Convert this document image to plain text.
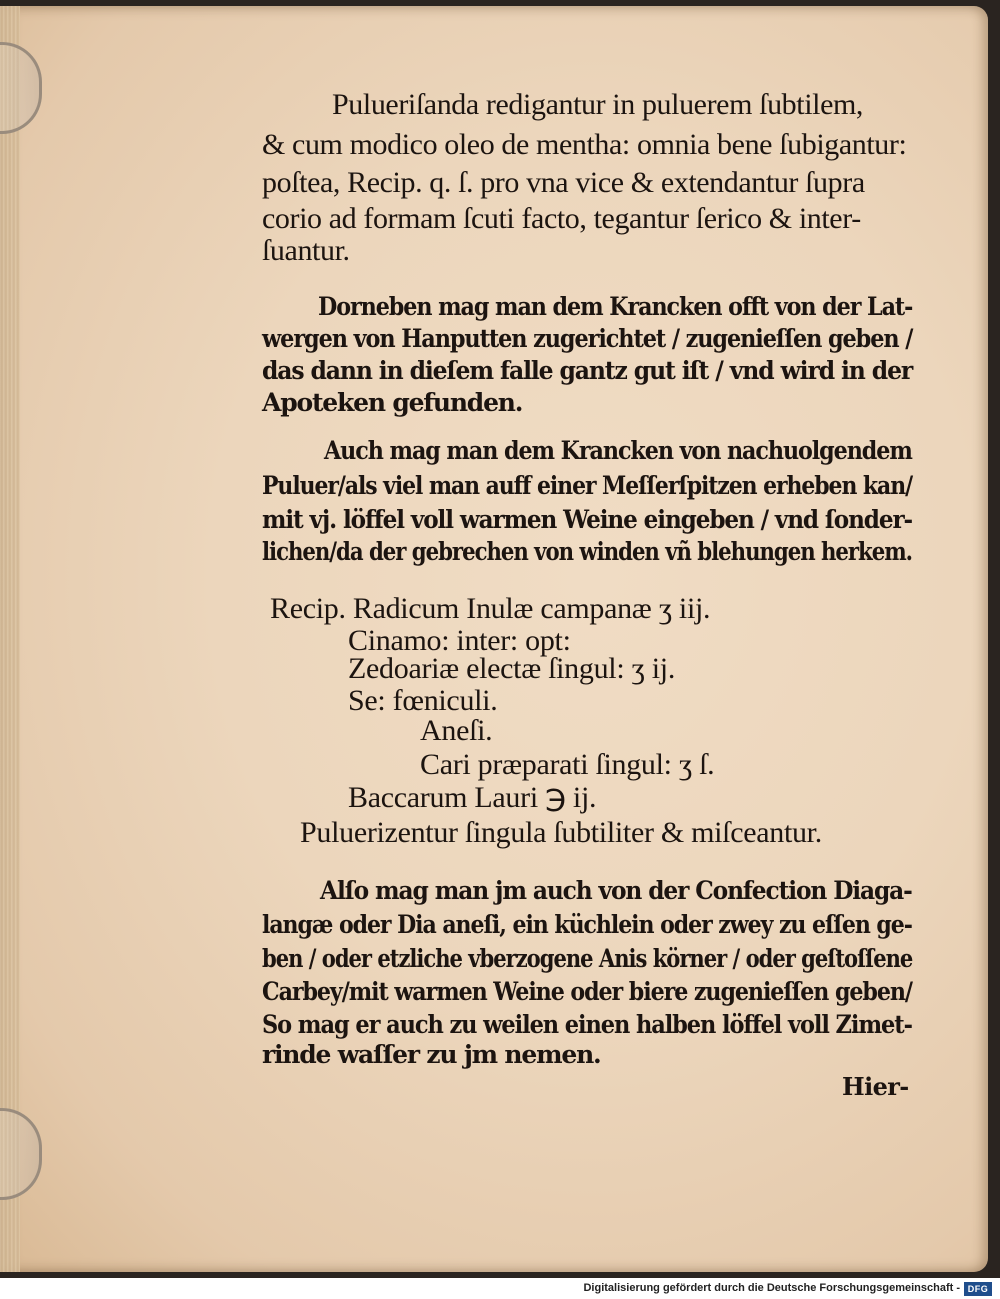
Pulueriſanda redigantur in puluerem ſubtilem,
& cum modico oleo de mentha: omnia bene ſubigantur:
poſtea, Recip. q. ſ. pro vna vice & extendantur ſupra
corio ad formam ſcuti facto, tegantur ſerico & inter-
ſuantur.
Dorneben mag man dem Krancken offt von der Lat-
wergen von Hanputten zugerichtet / zugenieſſen geben /
das dann in dieſem falle gantz gut iſt / vnd wird in der
Apoteken gefunden.
Auch mag man dem Krancken von nachuolgendem
Puluer/als viel man auff einer Meſſerſpitzen erheben kan/
mit vj. löffel voll warmen Weine eingeben / vnd ſonder-
lichen/da der gebrechen von winden vñ blehungen herkem.
Recip. Radicum Inulæ campanæ ʒ iij.
Cinamo: inter: opt:
Zedoariæ electæ ſingul: ʒ ij.
Se: fœniculi.
Aneſi.
Cari præparati ſingul: ʒ ſ.
Baccarum Lauri ℈ ij.
Puluerizentur ſingula ſubtiliter & miſceantur.
Alſo mag man jm auch von der Confection Diaga-
langæ oder Dia aneſi, ein küchlein oder zwey zu eſſen ge-
ben / oder etzliche vberzogene Anis körner / oder geſtoſſene
Carbey/mit warmen Weine oder biere zugenieſſen geben/
So mag er auch zu weilen einen halben löffel voll Zimet-
rinde waſſer zu jm nemen.
Hier-
Digitalisierung gefördert durch die Deutsche Forschungsgemeinschaft - DFG
